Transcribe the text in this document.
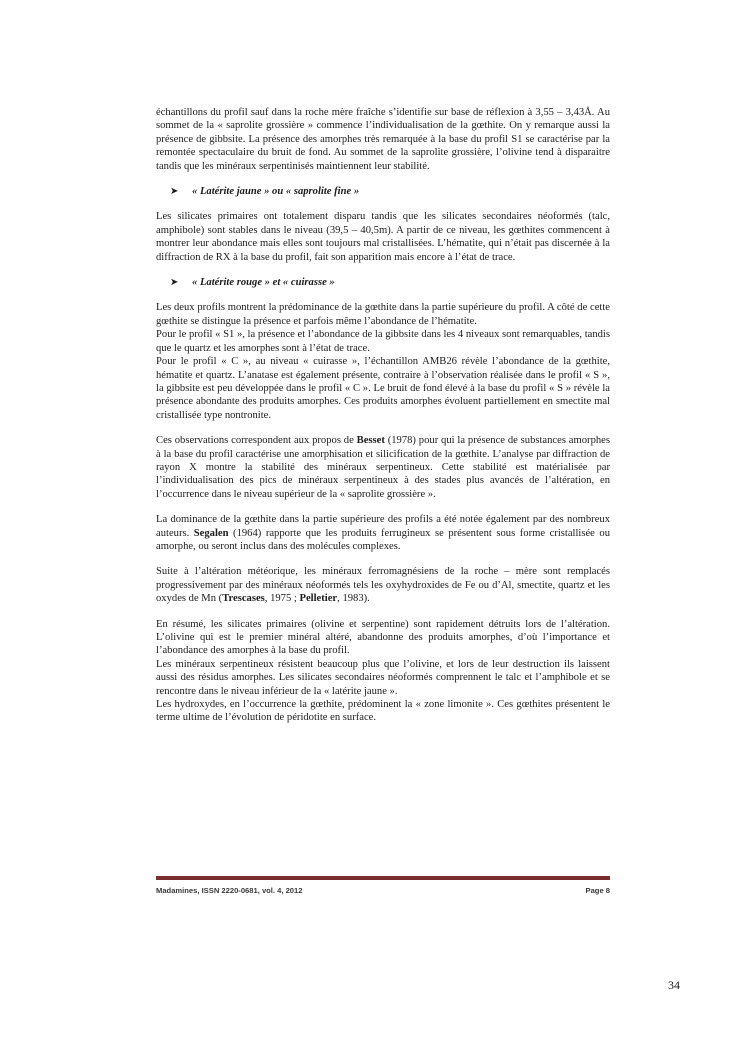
échantillons du profil sauf dans la roche mère fraîche s’identifie sur base de réflexion à 3,55 – 3,43Å. Au sommet de la « saprolite grossière » commence l’individualisation de la gœthite. On y remarque aussi la présence de gibbsite. La présence des amorphes très remarquée à la base du profil S1 se caractérise par la remontée spectaculaire du bruit de fond. Au sommet de la saprolite grossière, l’olivine tend à disparaitre tandis que les minéraux serpentinisés maintiennent leur stabilité.

➤	« Latérite jaune » ou « saprolite fine »

Les silicates primaires ont totalement disparu tandis que les silicates secondaires néoformés (talc, amphibole) sont stables dans le niveau (39,5 – 40,5m). A partir de ce niveau, les gœthites commencent à montrer leur abondance mais elles sont toujours mal cristallisées. L’hématite, qui n’était pas discernée à la diffraction de RX à la base du profil, fait son apparition mais encore à l’état de trace.

➤	« Latérite rouge » et « cuirasse »

Les deux profils montrent la prédominance de la gœthite dans la partie supérieure du profil. A côté de cette gœthite se distingue la présence et parfois même l’abondance de l’hématite.

Pour le profil « S1 », la présence et l’abondance de la gibbsite dans les 4 niveaux sont remarquables, tandis que le quartz et les amorphes sont à l’état de trace.

Pour le profil « C », au niveau « cuirasse », l’échantillon AMB26 révèle l’abondance de la gœthite, hématite et quartz. L’anatase est également présente, contraire à l’observation réalisée dans le profil « S », la gibbsite est peu développée dans le profil « C ». Le bruit de fond élevé à la base du profil « S » révèle la présence abondante des produits amorphes. Ces produits amorphes évoluent partiellement en smectite mal cristallisée type nontronite.

Ces observations correspondent aux propos de Besset (1978) pour qui la présence de substances amorphes à la base du profil caractérise une amorphisation et silicification de la gœthite. L’analyse par diffraction de rayon X montre la stabilité des minéraux serpentineux. Cette stabilité est matérialisée par l’individualisation des pics de minéraux serpentineux à des stades plus avancés de l’altération, en l’occurrence dans le niveau supérieur de la « saprolite grossière ».

La dominance de la gœthite dans la partie supérieure des profils a été notée également par des nombreux auteurs. Segalen (1964) rapporte que les produits ferrugineux se présentent sous forme cristallisée ou amorphe, ou seront inclus dans des molécules complexes.

Suite à l’altération météorique, les minéraux ferromagnésiens de la roche – mère sont remplacés progressivement par des minéraux néoformés tels les oxyhydroxides de Fe ou d’Al, smectite, quartz et les oxydes de Mn (Trescases, 1975 ; Pelletier, 1983).

En résumé, les silicates primaires (olivine et serpentine) sont rapidement détruits lors de l’altération. L’olivine qui est le premier minéral altéré, abandonne des produits amorphes, d’où l’importance et l’abondance des amorphes à la base du profil.

Les minéraux serpentineux résistent beaucoup plus que l’olivine, et lors de leur destruction ils laissent aussi des résidus amorphes. Les silicates secondaires néoformés comprennent le talc et l’amphibole et se rencontre dans le niveau inférieur de la « latérite jaune ».

Les hydroxydes, en l’occurrence la gœthite, prédominent la « zone limonite ». Ces gœthites présentent le terme ultime de l’évolution de péridotite en surface.

Madamines, ISSN 2220-0681, vol. 4, 2012	Page 8
34
